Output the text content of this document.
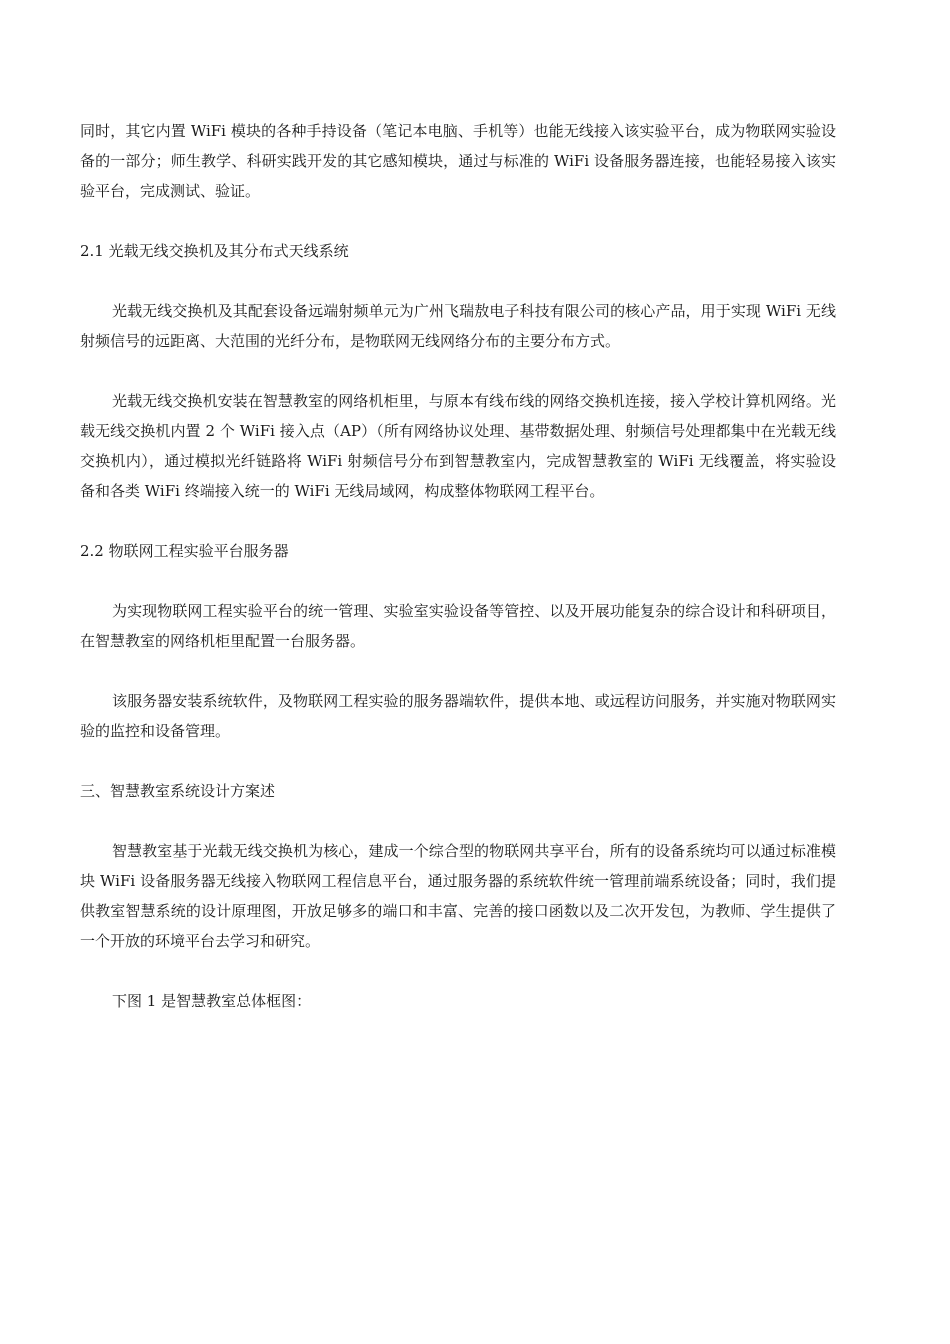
同时，其它内置 WiFi 模块的各种手持设备（笔记本电脑、手机等）也能无线接入该实验平台，成为物联网实验设备的一部分；师生教学、科研实践开发的其它感知模块，通过与标准的 WiFi 设备服务器连接，也能轻易接入该实验平台，完成测试、验证。

2.1 光载无线交换机及其分布式天线系统

光载无线交换机及其配套设备远端射频单元为广州飞瑞敖电子科技有限公司的核心产品，用于实现 WiFi 无线射频信号的远距离、大范围的光纤分布，是物联网无线网络分布的主要分布方式。

光载无线交换机安装在智慧教室的网络机柜里，与原本有线布线的网络交换机连接，接入学校计算机网络。光载无线交换机内置 2 个 WiFi 接入点（AP）（所有网络协议处理、基带数据处理、射频信号处理都集中在光载无线交换机内），通过模拟光纤链路将 WiFi 射频信号分布到智慧教室内，完成智慧教室的 WiFi 无线覆盖，将实验设备和各类 WiFi 终端接入统一的 WiFi 无线局域网，构成整体物联网工程平台。

2.2 物联网工程实验平台服务器

为实现物联网工程实验平台的统一管理、实验室实验设备等管控、以及开展功能复杂的综合设计和科研项目，在智慧教室的网络机柜里配置一台服务器。

该服务器安装系统软件，及物联网工程实验的服务器端软件，提供本地、或远程访问服务，并实施对物联网实验的监控和设备管理。

三、智慧教室系统设计方案述

智慧教室基于光载无线交换机为核心，建成一个综合型的物联网共享平台，所有的设备系统均可以通过标准模块 WiFi 设备服务器无线接入物联网工程信息平台，通过服务器的系统软件统一管理前端系统设备；同时，我们提供教室智慧系统的设计原理图，开放足够多的端口和丰富、完善的接口函数以及二次开发包，为教师、学生提供了一个开放的环境平台去学习和研究。

下图 1 是智慧教室总体框图：
